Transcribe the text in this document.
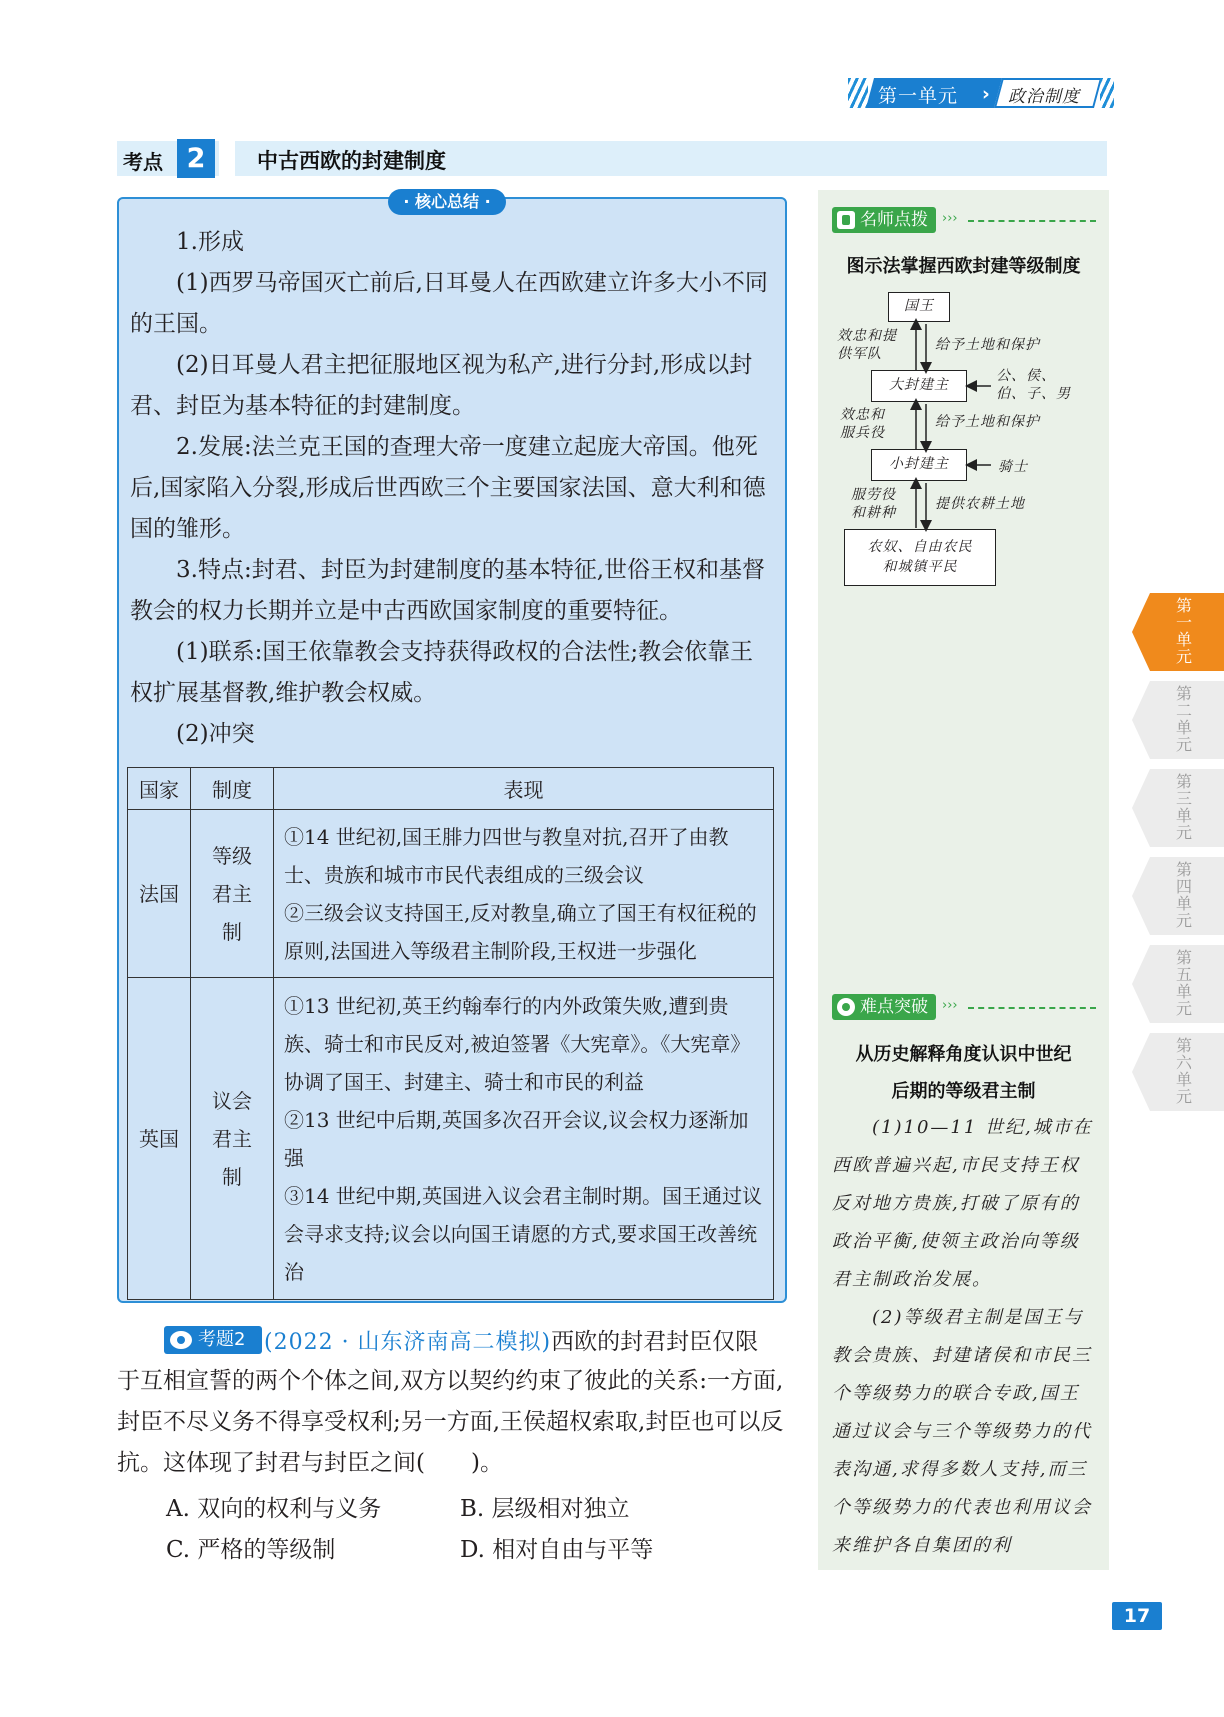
第一单元	› 政治制度
考点 2	中古西欧的封建制度
· 核心总结 ·
1.形成
(1)西罗马帝国灭亡前后,日耳曼人在西欧建立许多大小不同的王国。
(2)日耳曼人君主把征服地区视为私产,进行分封,形成以封君、封臣为基本特征的封建制度。
2.发展:法兰克王国的查理大帝一度建立起庞大帝国。他死后,国家陷入分裂,形成后世西欧三个主要国家法国、意大利和德国的雏形。
3.特点:封君、封臣为封建制度的基本特征,世俗王权和基督教会的权力长期并立是中古西欧国家制度的重要特征。
(1)联系:国王依靠教会支持获得政权的合法性;教会依靠王权扩展基督教,维护教会权威。
(2)冲突
国家	制度	表现
法国	等级君主制	①14 世纪初,国王腓力四世与教皇对抗,召开了由教士、贵族和城市市民代表组成的三级会议
②三级会议支持国王,反对教皇,确立了国王有权征税的原则,法国进入等级君主制阶段,王权进一步强化

英国	议会君主制	①13 世纪初,英王约翰奉行的内外政策失败,遭到贵族、骑士和市民反对,被迫签署《大宪章》。《大宪章》协调了国王、封建主、骑士和市民的利益
②13 世纪中后期,英国多次召开会议,议会权力逐渐加强
③14 世纪中期,英国进入议会君主制时期。国王通过议会寻求支持;议会以向国王请愿的方式,要求国王改善统治
考题2 (2022 · 山东济南高二模拟)西欧的封君封臣仅限
于互相宣誓的两个个体之间,双方以契约约束了彼此的关系:一方面,封臣不尽义务不得享受权利;另一方面,王侯超权索取,封臣也可以反抗。这体现了封君与封臣之间(　　)。
A. 双向的权利与义务	B. 层级相对独立
C. 严格的等级制	D. 相对自由与平等
名师点拨 ›››
图示法掌握西欧封建等级制度
国王
大封建主
小封建主
农奴、自由农民和城镇平民
效忠和提供军队
给予土地和保护
公、侯、伯、子、男
效忠和服兵役
给予土地和保护
骑士
服劳役和耕种
提供农耕土地
难点突破 ›››
从历史解释角度认识中世纪
后期的等级君主制
(1)10—11 世纪,城市在西欧普遍兴起,市民支持王权反对地方贵族,打破了原有的政治平衡,使领主政治向等级君主制政治发展。
(2)等级君主制是国王与教会贵族、封建诸侯和市民三个等级势力的联合专政,国王通过议会与三个等级势力的代表沟通,求得多数人支持,而三个等级势力的代表也利用议会来维护各自集团的利
第一单元
第二单元
第三单元
第四单元
第五单元
第六单元
17
